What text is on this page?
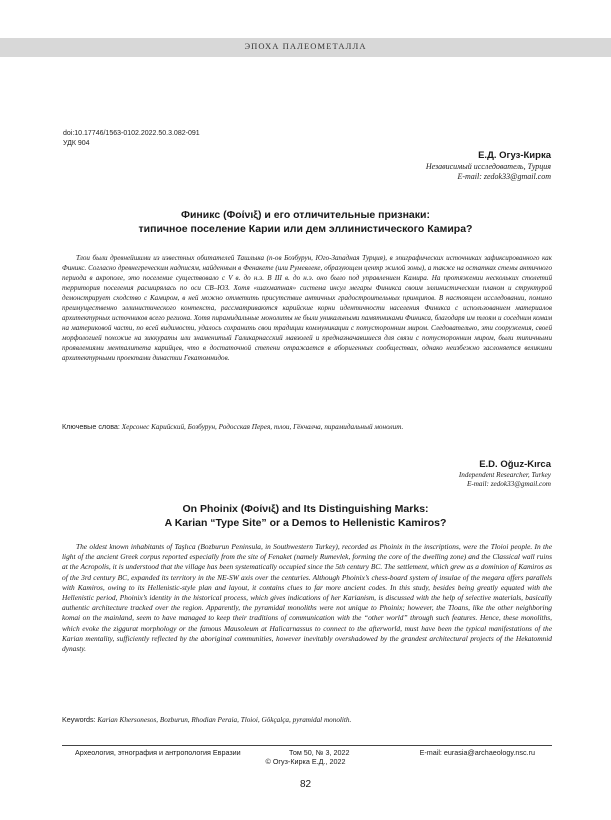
ЭПОХА ПАЛЕОМЕТАЛЛА
doi:10.17746/1563-0102.2022.50.3.082-091
УДК 904
Е.Д. Огуз-Кирка
Независимый исследователь, Турция
E-mail: zedok33@gmail.com
Финикс (Φοίνιξ) и его отличительные признаки:
типичное поселение Карии или дем эллинистического Камира?

Тлои были древнейшими из известных обитателей Ташлыка (п-ов Бозбурун, Юго-Западная Турция), в эпиграфических источниках зафиксированного как Финикс. Согласно древнегреческим надписям, найденным в Фенакете (или Румевлеке, образующем центр жилой зоны), а также на остатках стены античного периода в акрополе, это поселение существовало с V в. до н.э. В III в. до н.э. оно было под управлением Камира. На протяжении нескольких столетий территория поселения расширялась по оси СВ–ЮЗ. Хотя «шахматная» система инсул мегары Финикса своим эллинистическим планом и структурой демонстрирует сходство с Камиром, в ней можно отметить присутствие античных градостроительных принципов. В настоящем исследовании, помимо преимущественно эллинистического контекста, рассматриваются карийские корни идентичности населения Финикса с использованием материалов архитектурных источников всего региона. Хотя пирамидальные монолиты не были уникальными памятниками Финикса, благодаря им тлоям и соседним комам на материковой части, по всей видимости, удалось сохранить свои традиции коммуникации с потусторонним миром. Следовательно, эти сооружения, своей морфологией похожие на зиккураты или знаменитый Галикарнасский мавзолей и предназначавшиеся для связи с потусторонним миром, были типичными проявлениями менталитета карийцев, что в достаточной степени отражается в аборигенных сообществах, однако неизбежно заслоняется великими архитектурными проектами династии Гекатомнидов.

Ключевые слова: Херсонес Карийский, Бозбурун, Родосская Перея, тлои, Гёкчалча, пирамидальный монолит.
E.D. Oğuz-Kırca
Independent Researcher, Turkey
E-mail: zedok33@gmail.com
On Phoinix (Φοίνιξ) and Its Distinguishing Marks:
A Karian “Type Site” or a Demos to Hellenistic Kamiros?

The oldest known inhabitants of Taşlıca (Bozburun Peninsula, in Southwestern Turkey), recorded as Phoinix in the inscriptions, were the Tloioi people. In the light of the ancient Greek corpus reported especially from the site of Fenaket (namely Rumevlek, forming the core of the dwelling zone) and the Classical wall ruins at the Acropolis, it is understood that the village has been systematically occupied since the 5th century BC. The settlement, which grew as a dominion of Kamiros as of the 3rd century BC, expanded its territory in the NE-SW axis over the centuries. Although Phoinix’s chess-board system of insulae of the megara offers parallels with Kamiros, owing to its Hellenistic-style plan and layout, it contains clues to far more ancient codes. In this study, besides being greatly equated with the Hellenistic period, Phoinix’s identity in the historical process, which gives indications of her Karianism, is discussed with the help of selective materials, basically authentic architecture tracked over the region. Apparently, the pyramidal monoliths were not unique to Phoinix; however, the Tloans, like the other neighboring komai on the mainland, seem to have managed to keep their traditions of communication with the “other world” through such features. Hence, these monoliths, which evoke the ziggurat morphology or the famous Mausoleum at Halicarnassus to connect to the afterworld, must have been the typical manifestations of the Karian mentality, sufficiently reflected by the aboriginal communities, however inevitably overshadowed by the grandest architectural projects of the Hekatomnid dynasty.

Keywords: Karian Khersonesos, Bozburun, Rhodian Peraia, Tloioi, Gökçalça, pyramidal monolith.
Археология, этнография и антропология Евразии	Том 50, № 3, 2022	E-mail: eurasia@archaeology.nsc.ru
© Огуз-Кирка Е.Д., 2022
82
